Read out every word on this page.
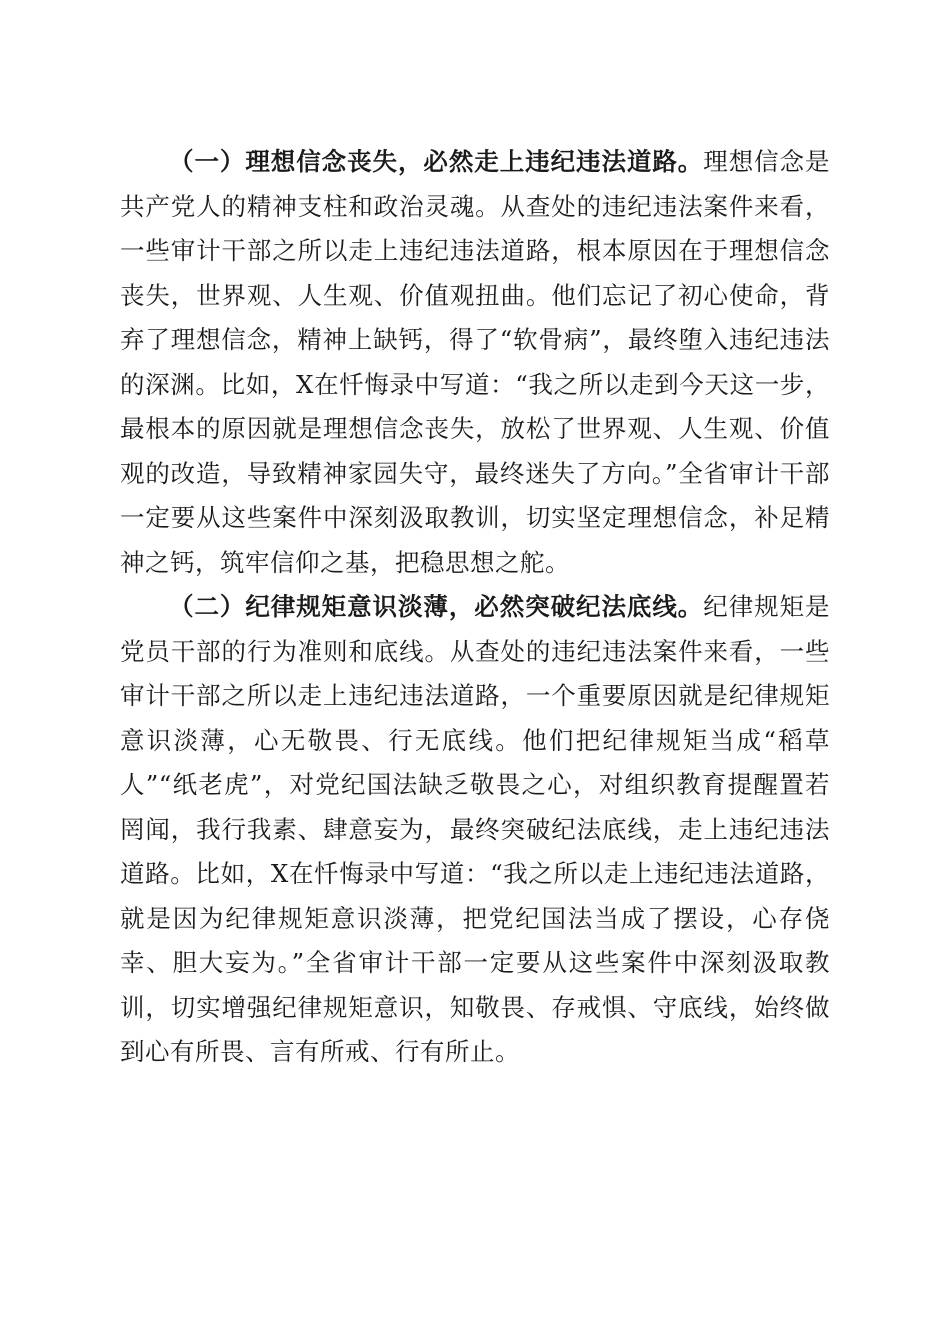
（一）理想信念丧失，必然走上违纪违法道路。理想信念是共产党人的精神支柱和政治灵魂。从查处的违纪违法案件来看，一些审计干部之所以走上违纪违法道路，根本原因在于理想信念丧失，世界观、人生观、价值观扭曲。他们忘记了初心使命，背弃了理想信念，精神上缺钙，得了“软骨病”，最终堕入违纪违法的深渊。比如，X在忏悔录中写道：“我之所以走到今天这一步，最根本的原因就是理想信念丧失，放松了世界观、人生观、价值观的改造，导致精神家园失守，最终迷失了方向。”全省审计干部一定要从这些案件中深刻汲取教训，切实坚定理想信念，补足精神之钙，筑牢信仰之基，把稳思想之舵。

（二）纪律规矩意识淡薄，必然突破纪法底线。纪律规矩是党员干部的行为准则和底线。从查处的违纪违法案件来看，一些审计干部之所以走上违纪违法道路，一个重要原因就是纪律规矩意识淡薄，心无敬畏、行无底线。他们把纪律规矩当成“稻草人”“纸老虎”，对党纪国法缺乏敬畏之心，对组织教育提醒置若罔闻，我行我素、肆意妄为，最终突破纪法底线，走上违纪违法道路。比如，X在忏悔录中写道：“我之所以走上违纪违法道路，就是因为纪律规矩意识淡薄，把党纪国法当成了摆设，心存侥幸、胆大妄为。”全省审计干部一定要从这些案件中深刻汲取教训，切实增强纪律规矩意识，知敬畏、存戒惧、守底线，始终做到心有所畏、言有所戒、行有所止。
